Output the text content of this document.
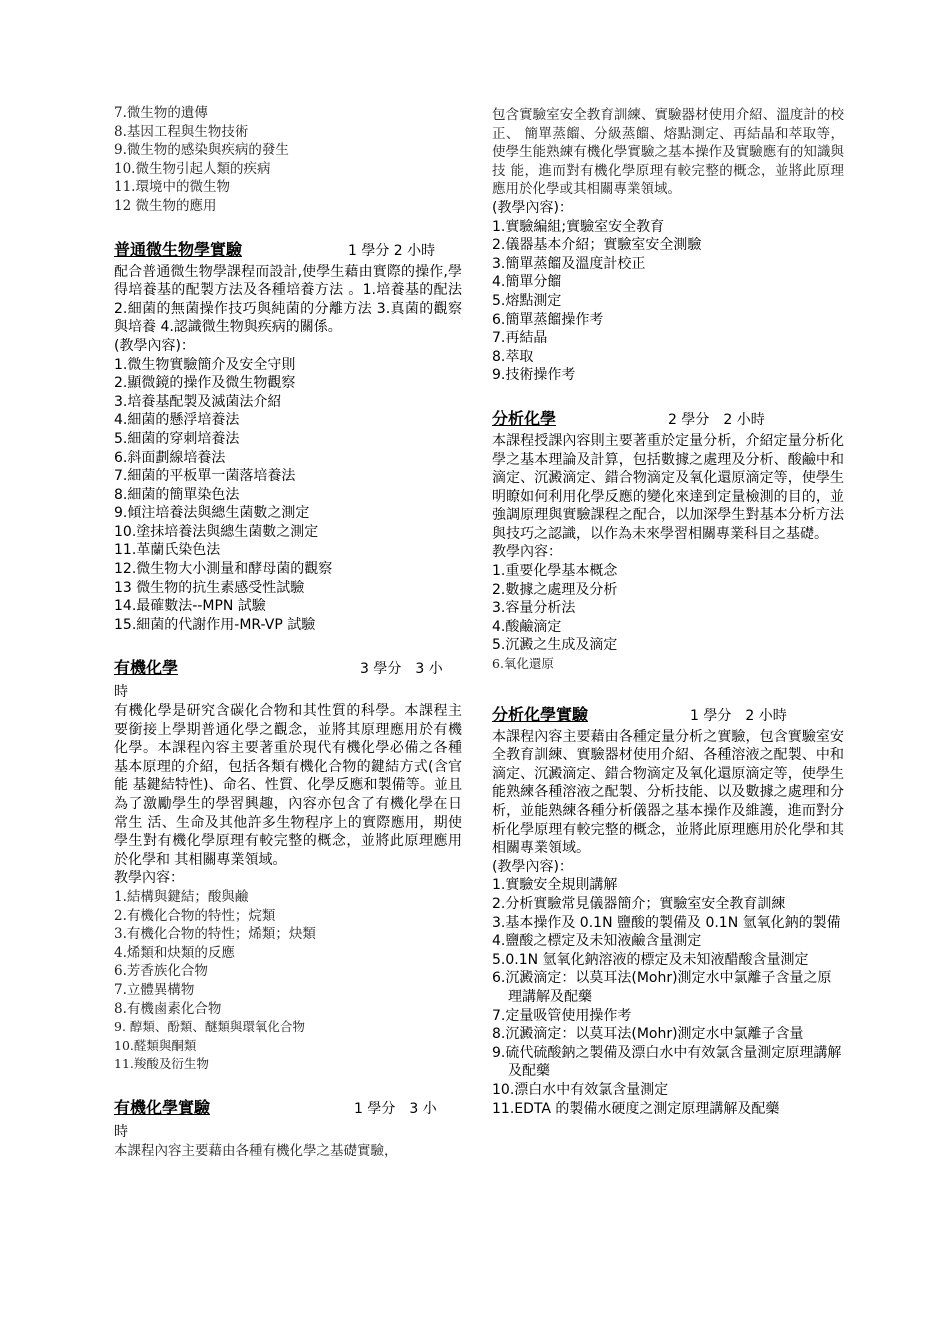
7.微生物的遺傳
8.基因工程與生物技術
9.微生物的感染與疾病的發生
10.微生物引起人類的疾病
11.環境中的微生物
12 微生物的應用
普通微生物學實驗	1 學分 2 小時
配合普通微生物學課程而設計,使學生藉由實際的操作,學得培養基的配製方法及各種培養方法 。1.培養基的配法 2.細菌的無菌操作技巧與純菌的分離方法 3.真菌的觀察與培養 4.認識微生物與疾病的關係。
(教學內容)：
1.微生物實驗簡介及安全守則
2.顯微鏡的操作及微生物觀察
3.培養基配製及滅菌法介紹
4.細菌的懸浮培養法
5.細菌的穿刺培養法
6.斜面劃線培養法
7.細菌的平板單一菌落培養法
8.細菌的簡單染色法
9.傾注培養法與總生菌數之測定
10.塗抹培養法與總生菌數之測定
11.革蘭氏染色法
12.微生物大小測量和酵母菌的觀察
13 微生物的抗生素感受性試驗
14.最確數法--MPN 試驗
15.細菌的代謝作用-MR-VP 試驗
有機化學	3 學分　3 小
時
有機化學是研究含碳化合物和其性質的科學。本課程主要銜接上學期普通化學之觀念，並將其原理應用於有機　化學。本課程內容主要著重於現代有機化學必備之各種基本原理的介紹，包括各類有機化合物的鍵結方式(含官能 基鍵結特性)、命名、性質、化學反應和製備等。並且為了激勵學生的學習興趣，內容亦包含了有機化學在日常生 活、生命及其他許多生物程序上的實際應用，期使學生對有機化學原理有較完整的概念，並將此原理應用於化學和 其相關專業領域。
教學內容：
1.結構與鍵結；酸與鹼
2.有機化合物的特性；烷類
3.有機化合物的特性；烯類；炔類
4.烯類和炔類的反應
6.芳香族化合物
7.立體異構物
8.有機鹵素化合物
9. 醇類、酚類、醚類與環氧化合物
10.醛類與酮類
11.羧酸及衍生物
有機化學實驗	1 學分　3 小
時
本課程內容主要藉由各種有機化學之基礎實驗，
包含實驗室安全教育訓練、實驗器材使用介紹、溫度計的校正、 簡單蒸餾、分級蒸餾、熔點測定、再結晶和萃取等，使學生能熟練有機化學實驗之基本操作及實驗應有的知識與技 能，進而對有機化學原理有較完整的概念，並將此原理應用於化學或其相關專業領域。
(教學內容)：
1.實驗編組;實驗室安全教育
2.儀器基本介紹；實驗室安全測驗
3.簡單蒸餾及溫度計校正
4.簡單分餾
5.熔點測定
6.簡單蒸餾操作考
7.再結晶
8.萃取
9.技術操作考
分析化學	2 學分　2 小時
本課程授課內容則主要著重於定量分析，介紹定量分析化學之基本理論及計算，包括數據之處理及分析、酸鹼中和滴定、沉澱滴定、錯合物滴定及氧化還原滴定等，使學生明瞭如何利用化學反應的變化來達到定量檢測的目的，並強調原理與實驗課程之配合，以加深學生對基本分析方法與技巧之認識，以作為未來學習相關專業科目之基礎。
教學內容：
1.重要化學基本概念
2.數據之處理及分析
3.容量分析法
4.酸鹼滴定
5.沉澱之生成及滴定
6.氧化還原
分析化學實驗	1 學分　2 小時
本課程內容主要藉由各種定量分析之實驗，包含實驗室安全教育訓練、實驗器材使用介紹、各種溶液之配製、中和滴定、沉澱滴定、錯合物滴定及氧化還原滴定等，使學生能熟練各種溶液之配製、分析技能、以及數據之處理和分析，並能熟練各種分析儀器之基本操作及維護，進而對分析化學原理有較完整的概念，並將此原理應用於化學和其相關專業領域。
(教學內容)：
1.實驗安全規則講解
2.分析實驗常見儀器簡介；實驗室安全教育訓練
3.基本操作及 0.1N 鹽酸的製備及 0.1N 氫氧化鈉的製備
4.鹽酸之標定及未知液鹼含量測定
5.0.1N 氫氧化鈉溶液的標定及未知液醋酸含量測定
6.沉澱滴定：以莫耳法(Mohr)測定水中氯離子含量之原理講解及配藥
7.定量吸管使用操作考
8.沉澱滴定：以莫耳法(Mohr)測定水中氯離子含量
9.硫代硫酸鈉之製備及漂白水中有效氯含量測定原理講解及配藥
10.漂白水中有效氯含量測定
11.EDTA 的製備水硬度之測定原理講解及配藥
